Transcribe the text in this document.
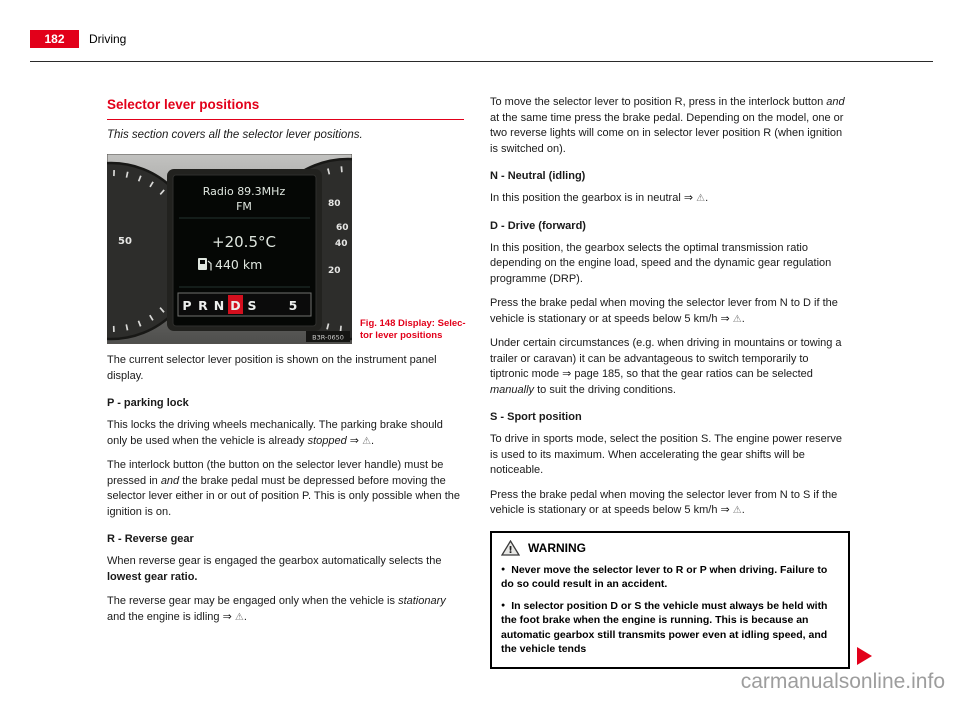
182	Driving
Selector lever positions

This section covers all the selector lever positions.

50
80
60
40
20
Radio 89.3MHz
FM
+20.5°C
440 km
P R N D S	5
B3R-0650
Fig. 148 Display: Selec-
tor lever positions

The current selector lever position is shown on the instrument panel display.

P - parking lock

This locks the driving wheels mechanically. The parking brake should only be used when the vehicle is already stopped ⇒ ⚠.

The interlock button (the button on the selector lever handle) must be pressed in and the brake pedal must be depressed before moving the selector lever either in or out of position P. This is only possible when the ignition is on.

R - Reverse gear

When reverse gear is engaged the gearbox automatically selects the lowest gear ratio.

The reverse gear may be engaged only when the vehicle is stationary and the engine is idling ⇒ ⚠.

To move the selector lever to position R, press in the interlock button and at the same time press the brake pedal. Depending on the model, one or two reverse lights will come on in selector lever position R (when ignition is switched on).

N - Neutral (idling)

In this position the gearbox is in neutral ⇒ ⚠.

D - Drive (forward)

In this position, the gearbox selects the optimal transmission ratio depending on the engine load, speed and the dynamic gear regulation programme (DRP).

Press the brake pedal when moving the selector lever from N to D if the vehicle is stationary or at speeds below 5 km/h ⇒ ⚠.

Under certain circumstances (e.g. when driving in mountains or towing a trailer or caravan) it can be advantageous to switch temporarily to tiptronic mode ⇒ page 185, so that the gear ratios can be selected manually to suit the driving conditions.

S - Sport position

To drive in sports mode, select the position S. The engine power reserve is used to its maximum. When accelerating the gear shifts will be noticeable.

Press the brake pedal when moving the selector lever from N to S if the vehicle is stationary or at speeds below 5 km/h ⇒ ⚠.

! WARNING

● Never move the selector lever to R or P when driving. Failure to do so could result in an accident.

● In selector position D or S the vehicle must always be held with the foot brake when the engine is running. This is because an automatic gearbox still transmits power even at idling speed, and the vehicle tends

carmanualsonline.info
